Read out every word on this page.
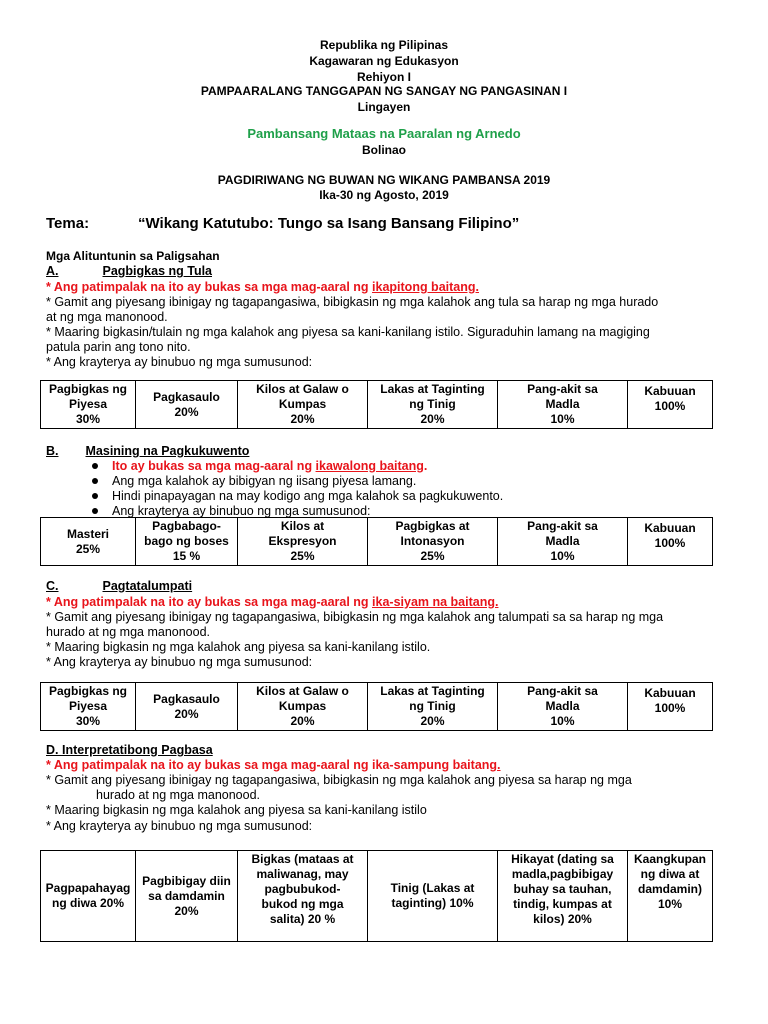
Republika ng Pilipinas
Kagawaran ng Edukasyon
Rehiyon I
PAMPAARALANG TANGGAPAN NG SANGAY NG PANGASINAN I
Lingayen
Pambansang Mataas na Paaralan ng Arnedo
Bolinao
PAGDIRIWANG NG BUWAN NG WIKANG PAMBANSA 2019
Ika-30 ng Agosto, 2019
Tema:	“Wikang Katutubo: Tungo sa Isang Bansang Filipino”
Mga Alituntunin sa Paligsahan
A.	Pagbigkas ng Tula
* Ang patimpalak na ito ay bukas sa mga mag-aaral ng ikapitong baitang.
* Gamit ang piyesang ibinigay ng tagapangasiwa, bibigkasin ng mga kalahok ang tula sa harap ng mga hurado
at ng mga manonood.
* Maaring bigkasin/tulain ng mga kalahok ang piyesa sa kani-kanilang istilo. Siguraduhin lamang na magiging
patula parin ang tono nito.
* Ang krayterya ay binubuo ng mga sumusunod:
Pagbigkas ng
Piyesa
30%

Pagkasaulo
20%

Kilos at Galaw o
Kumpas
20%

Lakas at Taginting
ng Tinig
20%

Pang-akit sa
Madla
10%

Kabuuan
100%
B. Masining na Pagkukuwento
Ito ay bukas sa mga mag-aaral ng ikawalong baitang.
Ang mga kalahok ay bibigyan ng iisang piyesa lamang.
Hindi pinapayagan na may kodigo ang mga kalahok sa pagkukuwento.
Ang krayterya ay binubuo ng mga sumusunod:
Masteri
25%

Pagbabago-
bago ng boses
15 %

Kilos at
Ekspresyon
25%

Pagbigkas at
Intonasyon
25%

Pang-akit sa
Madla
10%

Kabuuan
100%
C.	Pagtatalumpati
* Ang patimpalak na ito ay bukas sa mga mag-aaral ng ika-siyam na baitang.
* Gamit ang piyesang ibinigay ng tagapangasiwa, bibigkasin ng mga kalahok ang talumpati sa sa harap ng mga
hurado at ng mga manonood.
* Maaring bigkasin ng mga kalahok ang piyesa sa kani-kanilang istilo.
* Ang krayterya ay binubuo ng mga sumusunod:
Pagbigkas ng
Piyesa
30%

Pagkasaulo
20%

Kilos at Galaw o
Kumpas
20%

Lakas at Taginting
ng Tinig
20%

Pang-akit sa
Madla
10%

Kabuuan
100%
D. Interpretatibong Pagbasa
* Ang patimpalak na ito ay bukas sa mga mag-aaral ng ika-sampung baitang.
* Gamit ang piyesang ibinigay ng tagapangasiwa, bibigkasin ng mga kalahok ang piyesa sa harap ng mga
hurado at ng mga manonood.
* Maaring bigkasin ng mga kalahok ang piyesa sa kani-kanilang istilo
* Ang krayterya ay binubuo ng mga sumusunod:
Pagpapahayag
ng diwa 20%

Pagbibigay diin
sa damdamin
20%

Bigkas (mataas at
maliwanag, may
pagbubukod-
bukod ng mga
salita) 20 %

Tinig (Lakas at
taginting) 10%

Hikayat (dating sa
madla,pagbibigay
buhay sa tauhan,
tindig, kumpas at
kilos) 20%

Kaangkupan
ng diwa at
damdamin)
10%
